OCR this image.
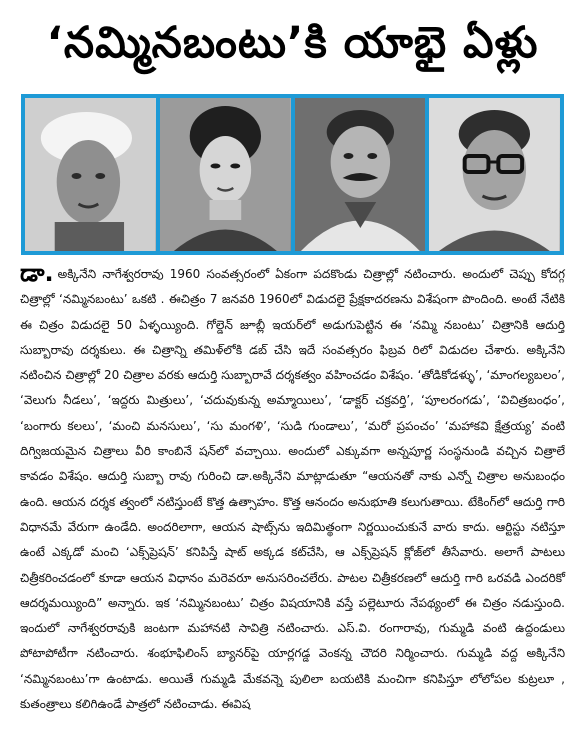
‘నమ్మినబంటు’కి యాభై ఏళ్లు

డా. అక్కినేని నాగేశ్వరరావు 1960 సంవత్సరంలో ఏకంగా పదకొండు చిత్రాల్లో నటించారు. అందులో చెప్పు కోదగ్గ చిత్రాల్లో ‘నమ్మినబంటు’ ఒకటి . ఈచిత్రం 7 జనవరి 1960లో విడుదలై ప్రేక్షకాదరణను విశేషంగా పొందింది. అంటే నేటికి ఈ చిత్రం విడుదలై 50 ఏళ్ళయ్యింది. గోల్డెన్ జూబ్లీ ఇయర్‌లో అడుగుపెట్టిన ఈ ‘నమ్మి నబంటు’ చిత్రానికి ఆదుర్తి సుబ్బారావు దర్శకులు. ఈ చిత్రాన్ని తమిళ్‌లోకి డబ్ చేసి ఇదే సంవత్సరం ఫిబ్రవ రిలో విడుదల చేశారు. అక్కినేని నటించిన చిత్రాల్లో 20 చిత్రాల వరకు ఆదుర్తి సుబ్బారావే దర్శకత్వం వహించడం విశేషం. ‘తోడికోడళ్ళు’, ‘మాంగల్యబలం’, ‘వెలుగు నీడలు’, ‘ఇద్దరు మిత్రులు’, ‘చదువుకున్న అమ్మాయిలు’, ‘డాక్టర్ చక్రవర్తి’, ‘పూలరంగడు’, ‘విచిత్రబంధం’, ‘బంగారు కలలు’, ‘మంచి మనసులు’, ‘సు మంగళి’, ‘సుడి గుండాలు’, ‘మరో ప్రపంచం’ ‘మహాకవి క్షేత్రయ్య’ వంటి దిగ్విజయమైన చిత్రాలు వీరి కాంబినే షన్‌లో వచ్చాయి. అందులో ఎక్కువగా అన్నపూర్ణ సంస్థనుండి వచ్చిన చిత్రాలే కావడం విశేషం. ఆదుర్తి సుబ్బా రావు గురించి డా.అక్కినేని మాట్లాడుతూ “ఆయనతో నాకు ఎన్నో చిత్రాల అనుబంధం ఉంది. ఆయన దర్శక త్వంలో నటిస్తుంటే కొత్త ఉత్సాహం. కొత్త ఆనందం అనుభూతి కలుగుతాయి. టేకింగ్‌లో ఆదుర్తి గారి విధానమే వేరుగా ఉండేది. అందరిలాగా, ఆయన షాట్స్‌ను ఇదిమిత్థంగా నిర్ణయించుకునే వారు కాదు. ఆర్టిస్టు నటిస్తూ ఉంటే ఎక్కడో మంచి ‘ఎక్స్‌ప్రెషన్’ కనిపిస్తే షాట్ అక్కడ కట్‌చేసి, ఆ ఎక్స్‌ప్రెషన్ క్లోజ్‌లో తీసేవారు. అలాగే పాటలు చిత్రీకరించడంలో కూడా ఆయన విధానం మరెవరూ అనుసరించలేరు. పాటల చిత్రీకరణలో ఆదుర్తి గారి ఒరవడి ఎందరికో ఆదర్శమయ్యింది” అన్నారు. ఇక ‘నమ్మినబంటు’ చిత్రం విషయానికి వస్తే పల్లెటూరు నేపథ్యంలో ఈ చిత్రం నడుస్తుంది. ఇందులో నాగేశ్వరరావుకి జంటగా మహానటి సావిత్రి నటించారు. ఎస్.వి. రంగారావు, గుమ్మడి వంటి ఉద్దండులు పోటాపోటీగా నటించారు. శంభూఫిలింస్ బ్యానర్‌పై యార్లగడ్డ వెంకన్న చౌదరి నిర్మించారు. గుమ్మడి వద్ద అక్కినేని ‘నమ్మినబంటు’గా ఉంటాడు. అయితే గుమ్మడి మేకవన్నె పులిలా బయటికి మంచిగా కనిపిస్తూ లోలోపల కుట్రలూ , కుతంత్రాలు కలిగిఉండే పాత్రలో నటించాడు. ఈవిష
